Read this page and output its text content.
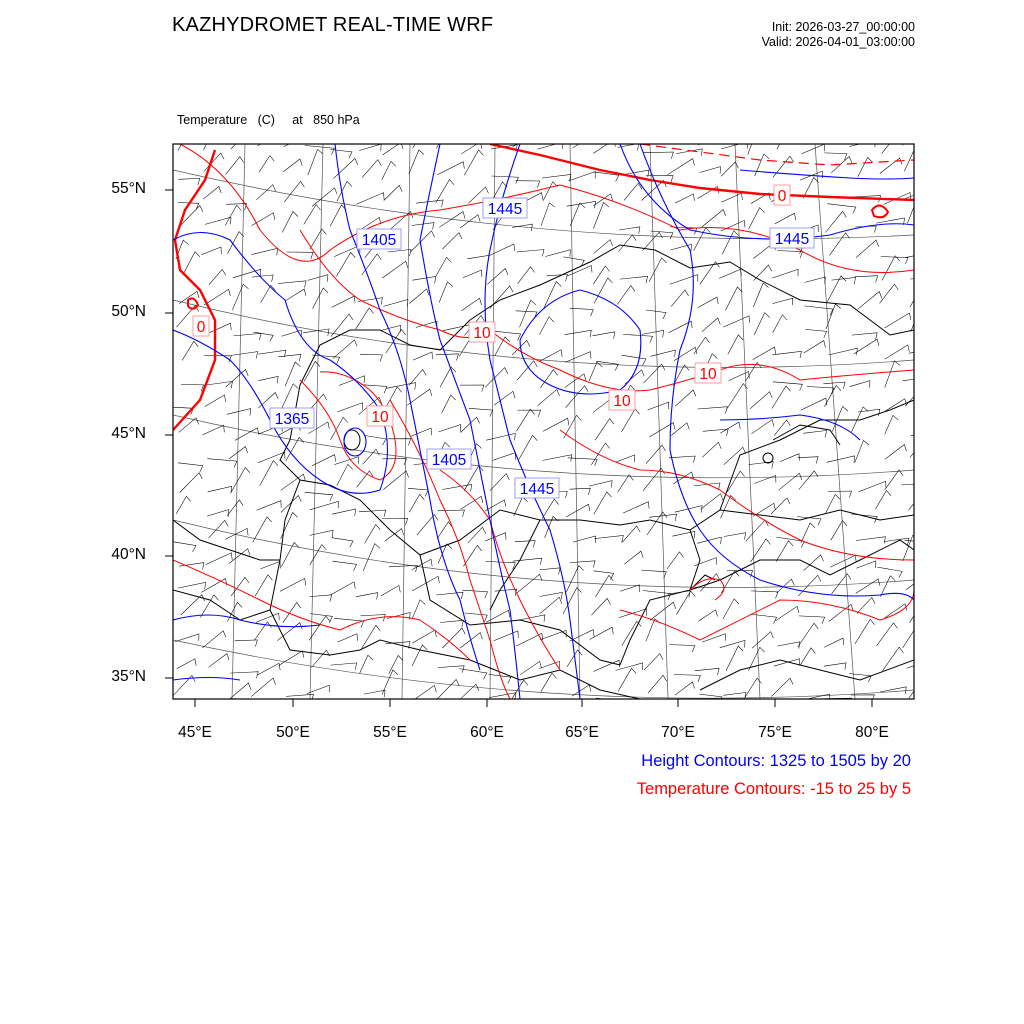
KAZHYDROMET REAL-TIME WRF	Init: 2026-03-27_00:00:00
Valid: 2026-04-01_03:00:00

Temperature   (C)     at   850 hPa

1405
1445
1445
1365
1405
1445
0
0	10
10
10
10
55°N
50°N
45°N
40°N
35°N
45°E	50°E	55°E	60°E	65°E	70°E	75°E	80°E
Height Contours: 1325 to 1505 by 20
Temperature Contours: -15 to 25 by 5
